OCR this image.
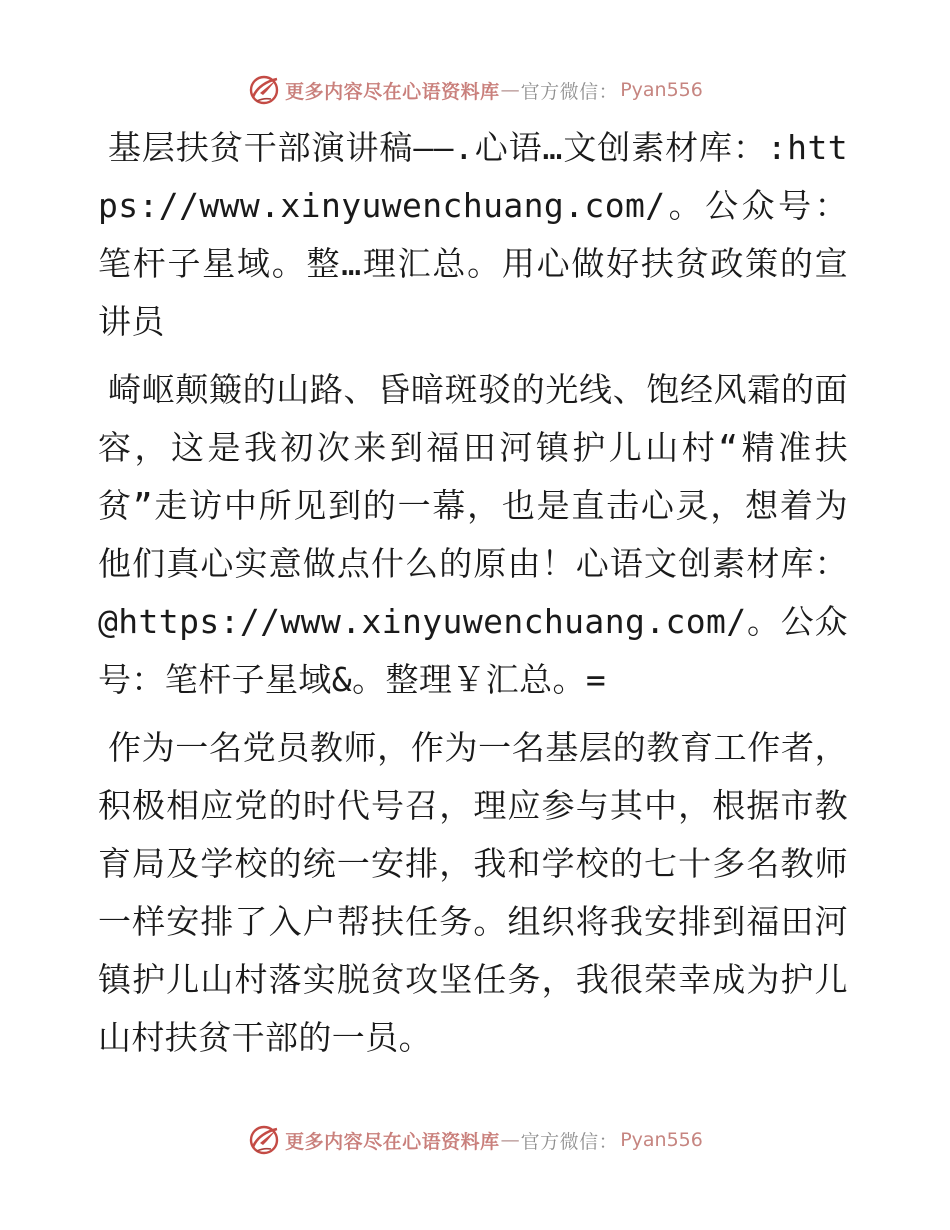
更多内容尽在心语资料库 — 官方微信： Pyan556

基层扶贫干部演讲稿——.心语…文创素材库：:https://www.xinyuwenchuang.com/。公众号：笔杆子星域。整…理汇总。用心做好扶贫政策的宣讲员

崎岖颠簸的山路、昏暗斑驳的光线、饱经风霜的面容，这是我初次来到福田河镇护儿山村“精准扶贫”走访中所见到的一幕，也是直击心灵，想着为他们真心实意做点什么的原由！心语文创素材库：@https://www.xinyuwenchuang.com/。公众号：笔杆子星域&。整理￥汇总。=

作为一名党员教师，作为一名基层的教育工作者，积极相应党的时代号召，理应参与其中，根据市教育局及学校的统一安排，我和学校的七十多名教师一样安排了入户帮扶任务。组织将我安排到福田河镇护儿山村落实脱贫攻坚任务，我很荣幸成为护儿山村扶贫干部的一员。

更多内容尽在心语资料库 — 官方微信： Pyan556
